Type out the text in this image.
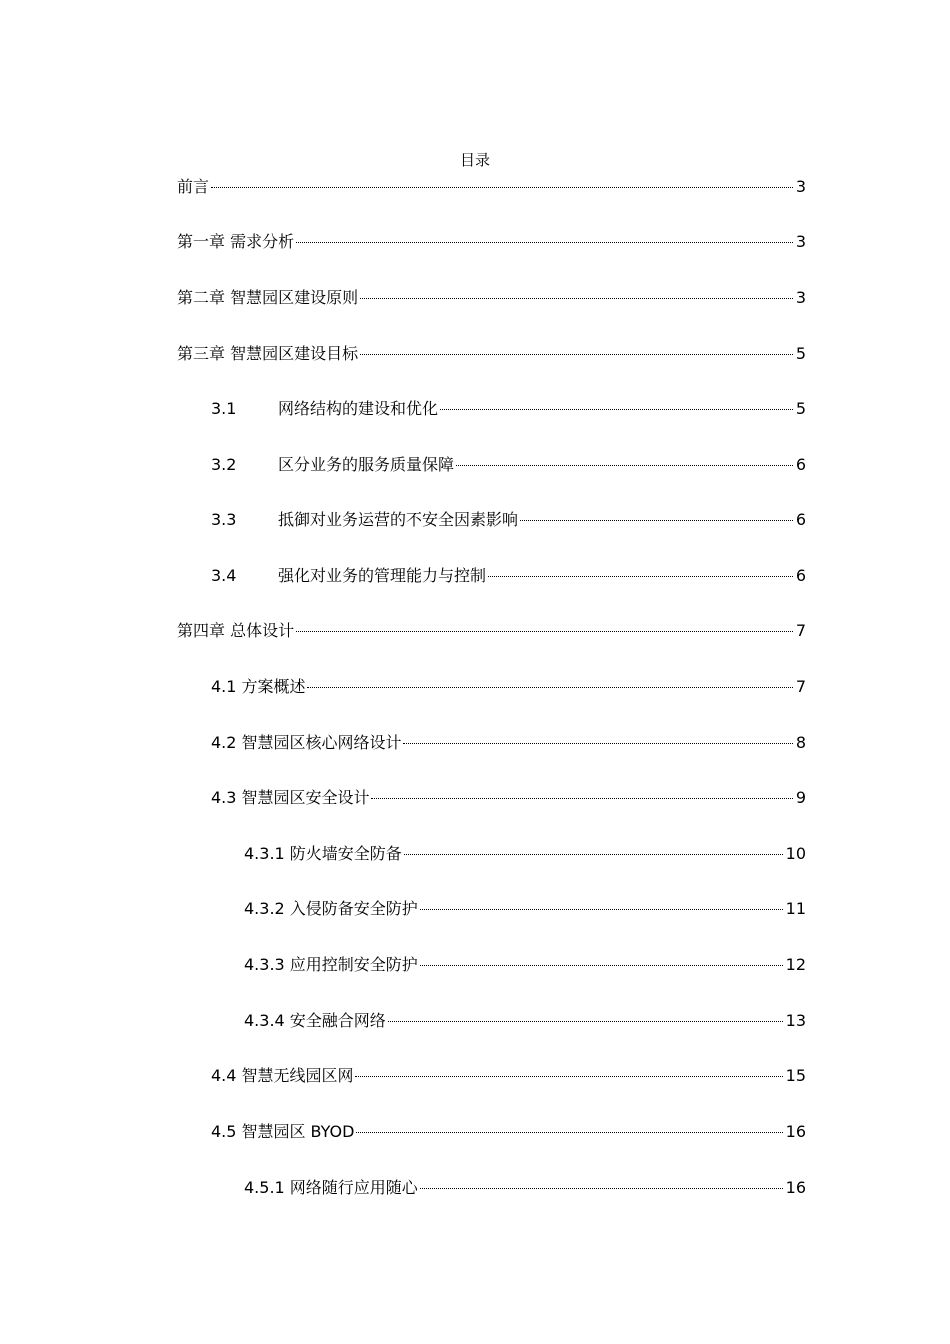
目录
前言	3
第一章 需求分析	3
第二章 智慧园区建设原则	3
第三章 智慧园区建设目标	5
3.1	网络结构的建设和优化	5
3.2	区分业务的服务质量保障	6
3.3	抵御对业务运营的不安全因素影响	6
3.4	强化对业务的管理能力与控制	6
第四章 总体设计	7
4.1 方案概述	7
4.2 智慧园区核心网络设计	8
4.3 智慧园区安全设计	9
4.3.1 防火墙安全防备	10
4.3.2 入侵防备安全防护	11
4.3.3 应用控制安全防护	12
4.3.4 安全融合网络	13
4.4 智慧无线园区网	15
4.5 智慧园区 BYOD	16
4.5.1 网络随行应用随心	16
